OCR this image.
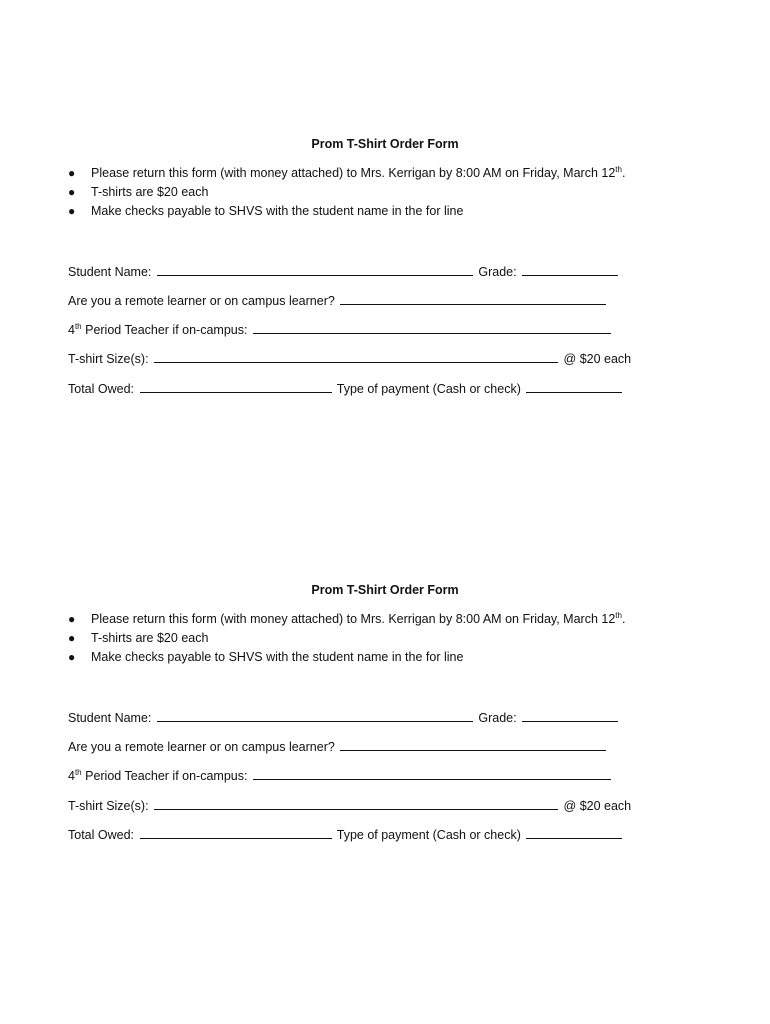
Prom T-Shirt Order Form
●	Please return this form (with money attached) to Mrs. Kerrigan by 8:00 AM on Friday, March 12th.
●	T-shirts are $20 each
●	Make checks payable to SHVS with the student name in the for line
Student Name:	Grade:
Are you a remote learner or on campus learner?
4th Period Teacher if on-campus:
T-shirt Size(s):	@ $20 each
Total Owed:	Type of payment (Cash or check)
Prom T-Shirt Order Form
●	Please return this form (with money attached) to Mrs. Kerrigan by 8:00 AM on Friday, March 12th.
●	T-shirts are $20 each
●	Make checks payable to SHVS with the student name in the for line
Student Name:	Grade:
Are you a remote learner or on campus learner?
4th Period Teacher if on-campus:
T-shirt Size(s):	@ $20 each
Total Owed:	Type of payment (Cash or check)
